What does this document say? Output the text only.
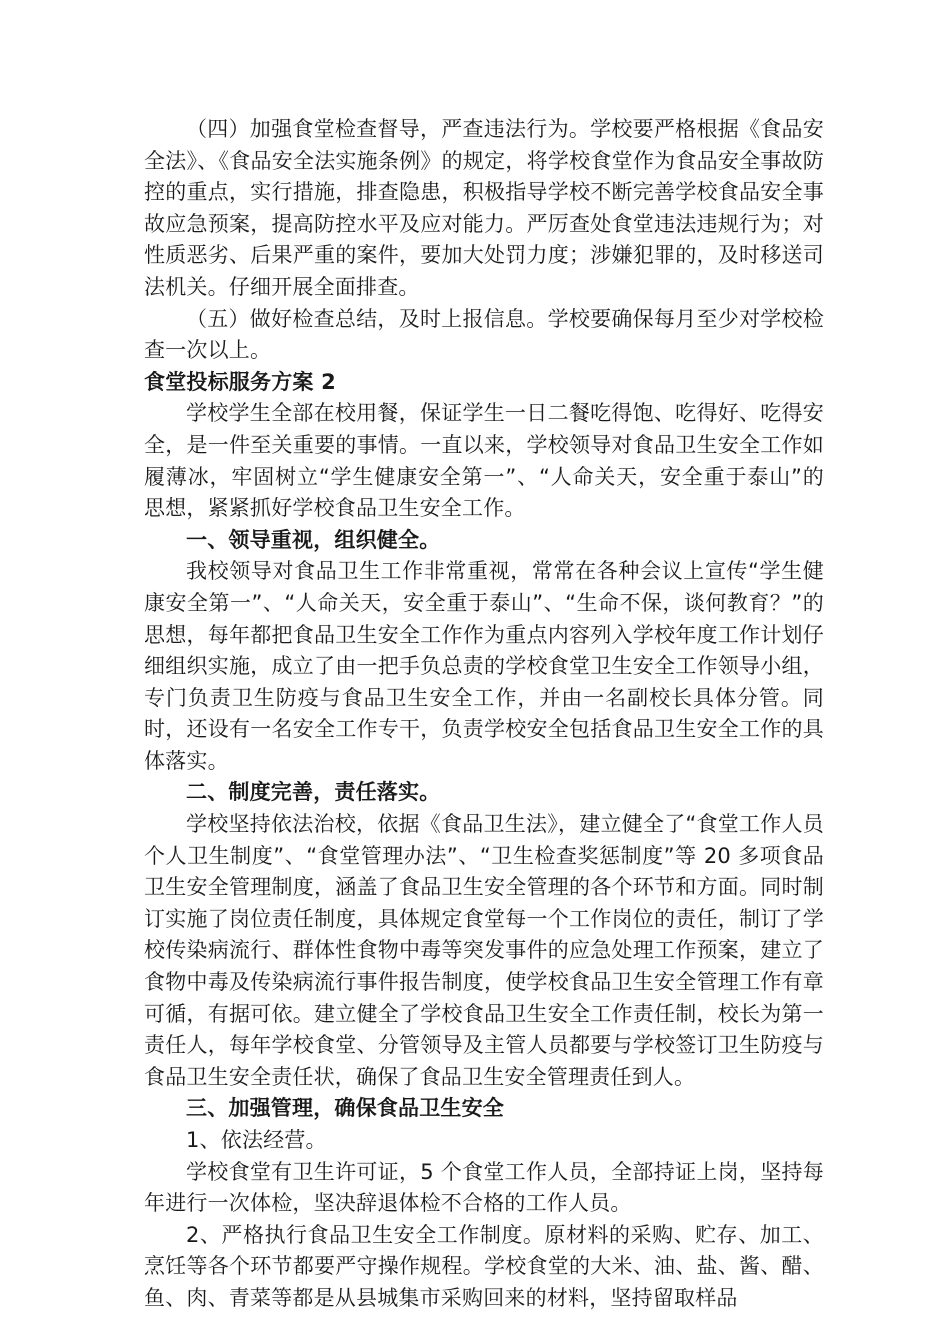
（四）加强食堂检查督导，严查违法行为。学校要严格根据《食品安全法》、《食品安全法实施条例》的规定，将学校食堂作为食品安全事故防控的重点，实行措施，排查隐患，积极指导学校不断完善学校食品安全事故应急预案，提高防控水平及应对能力。严厉查处食堂违法违规行为；对性质恶劣、后果严重的案件，要加大处罚力度；涉嫌犯罪的，及时移送司法机关。仔细开展全面排查。

（五）做好检查总结，及时上报信息。学校要确保每月至少对学校检查一次以上。

食堂投标服务方案 2

学校学生全部在校用餐，保证学生一日二餐吃得饱、吃得好、吃得安全，是一件至关重要的事情。一直以来，学校领导对食品卫生安全工作如履薄冰，牢固树立“学生健康安全第一”、“人命关天，安全重于泰山”的思想，紧紧抓好学校食品卫生安全工作。

一、领导重视，组织健全。

我校领导对食品卫生工作非常重视，常常在各种会议上宣传“学生健康安全第一”、“人命关天，安全重于泰山”、“生命不保，谈何教育？”的思想，每年都把食品卫生安全工作作为重点内容列入学校年度工作计划仔细组织实施，成立了由一把手负总责的学校食堂卫生安全工作领导小组，专门负责卫生防疫与食品卫生安全工作，并由一名副校长具体分管。同时，还设有一名安全工作专干，负责学校安全包括食品卫生安全工作的具体落实。

二、制度完善，责任落实。

学校坚持依法治校，依据《食品卫生法》，建立健全了“食堂工作人员个人卫生制度”、“食堂管理办法”、“卫生检查奖惩制度”等 20 多项食品卫生安全管理制度，涵盖了食品卫生安全管理的各个环节和方面。同时制订实施了岗位责任制度，具体规定食堂每一个工作岗位的责任，制订了学校传染病流行、群体性食物中毒等突发事件的应急处理工作预案，建立了食物中毒及传染病流行事件报告制度，使学校食品卫生安全管理工作有章可循，有据可依。建立健全了学校食品卫生安全工作责任制，校长为第一责任人，每年学校食堂、分管领导及主管人员都要与学校签订卫生防疫与食品卫生安全责任状，确保了食品卫生安全管理责任到人。

三、加强管理，确保食品卫生安全

1、依法经营。

学校食堂有卫生许可证，5 个食堂工作人员，全部持证上岗，坚持每年进行一次体检，坚决辞退体检不合格的工作人员。

2、严格执行食品卫生安全工作制度。原材料的采购、贮存、加工、烹饪等各个环节都要严守操作规程。学校食堂的大米、油、盐、酱、醋、鱼、肉、青菜等都是从县城集市采购回来的材料，坚持留取样品
